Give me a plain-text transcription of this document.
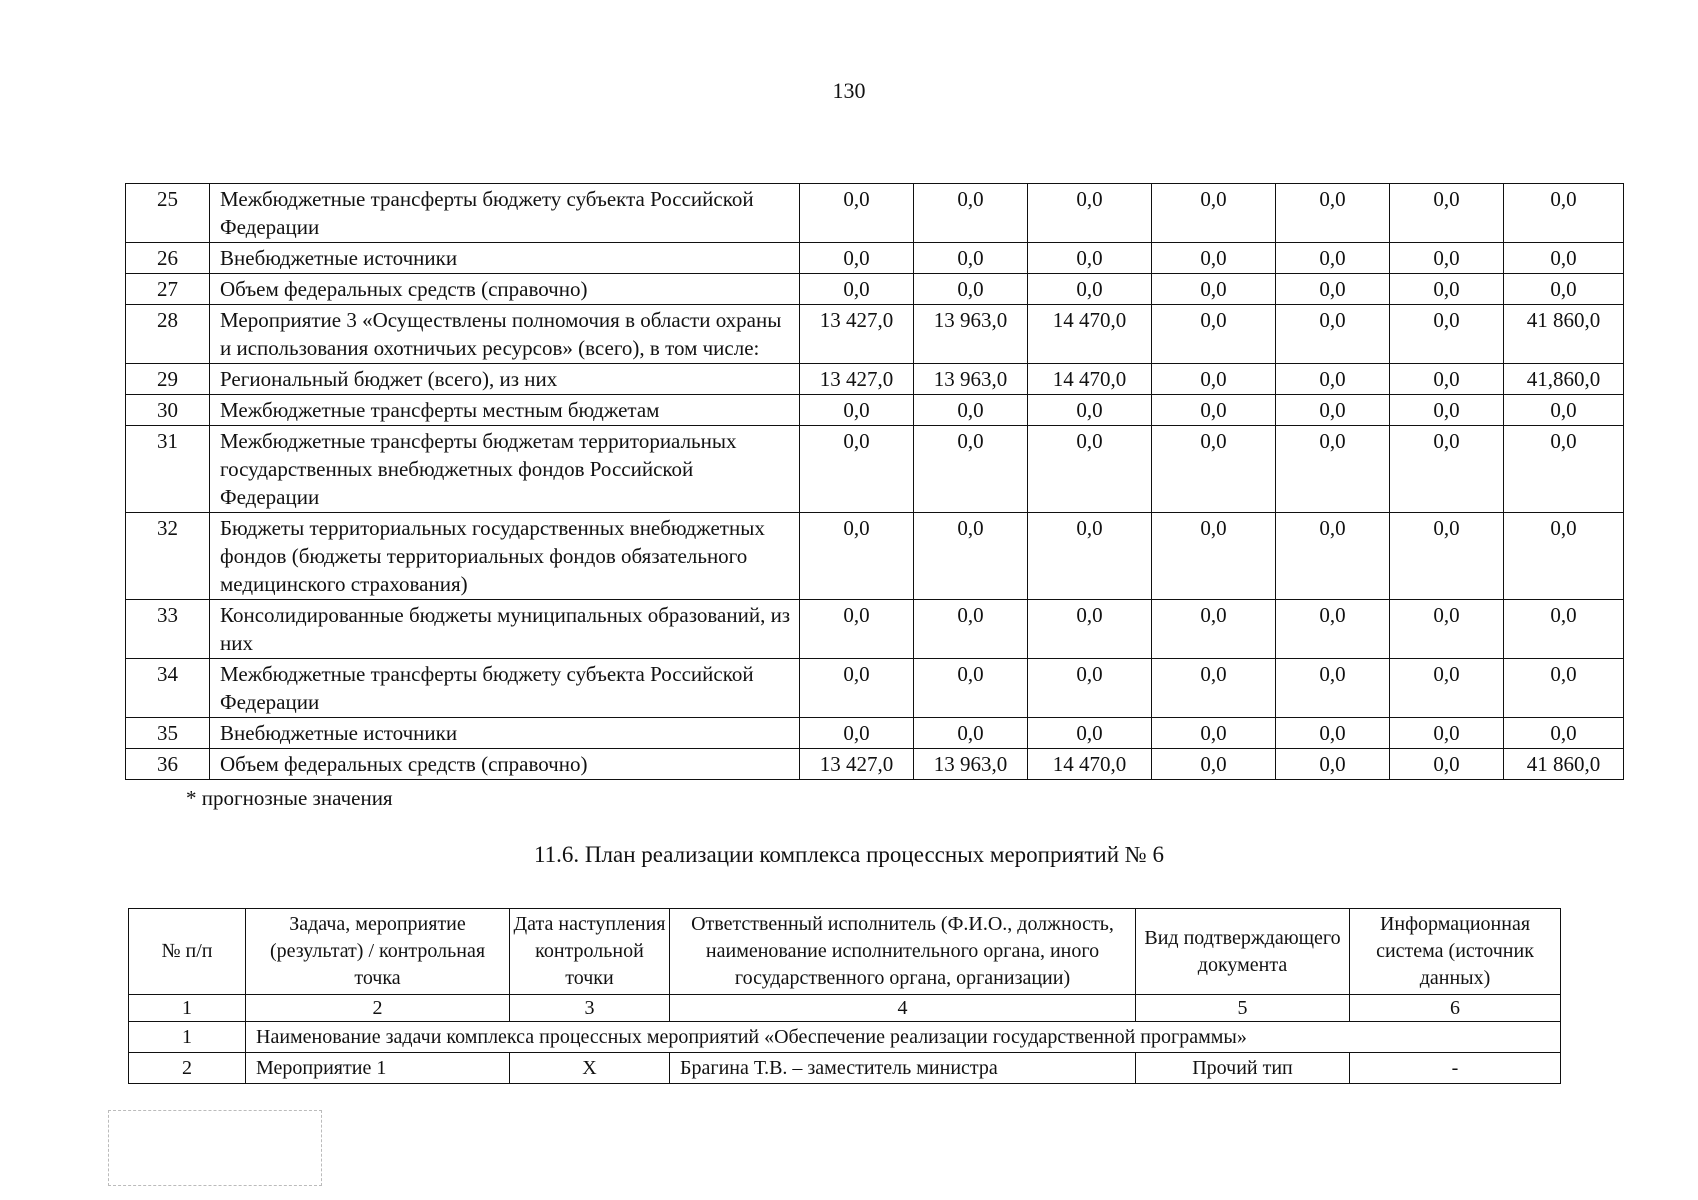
130
25	Межбюджетные трансферты бюджету субъекта Российской Федерации	0,0	0,0	0,0	0,0	0,0	0,0	0,0
26	Внебюджетные источники	0,0	0,0	0,0	0,0	0,0	0,0	0,0
27	Объем федеральных средств (справочно)	0,0	0,0	0,0	0,0	0,0	0,0	0,0
28	Мероприятие 3 «Осуществлены полномочия в области охраны и использования охотничьих ресурсов» (всего), в том числе:	13 427,0	13 963,0	14 470,0	0,0	0,0	0,0	41 860,0
29	Региональный бюджет (всего), из них	13 427,0	13 963,0	14 470,0	0,0	0,0	0,0	41,860,0
30	Межбюджетные трансферты местным бюджетам	0,0	0,0	0,0	0,0	0,0	0,0	0,0
31	Межбюджетные трансферты бюджетам территориальных государственных внебюджетных фондов Российской Федерации	0,0	0,0	0,0	0,0	0,0	0,0	0,0
32	Бюджеты территориальных государственных внебюджетных фондов (бюджеты территориальных фондов обязательного медицинского страхования)	0,0	0,0	0,0	0,0	0,0	0,0	0,0
33	Консолидированные бюджеты муниципальных образований, из них	0,0	0,0	0,0	0,0	0,0	0,0	0,0
34	Межбюджетные трансферты бюджету субъекта Российской Федерации	0,0	0,0	0,0	0,0	0,0	0,0	0,0
35	Внебюджетные источники	0,0	0,0	0,0	0,0	0,0	0,0	0,0
36	Объем федеральных средств (справочно)	13 427,0	13 963,0	14 470,0	0,0	0,0	0,0	41 860,0
* прогнозные значения
11.6. План реализации комплекса процессных мероприятий № 6
№ п/п	Задача, мероприятие (результат) / контрольная точка	Дата наступления контрольной точки	Ответственный исполнитель (Ф.И.О., должность, наименование исполнительного органа, иного государственного органа, организации)	Вид подтверждающего документа	Информационная система (источник данных)
1	2	3	4	5	6
1	Наименование задачи комплекса процессных мероприятий «Обеспечение реализации государственной программы»				
2	Мероприятие 1	X	Брагина Т.В. – заместитель министра	Прочий тип	-
